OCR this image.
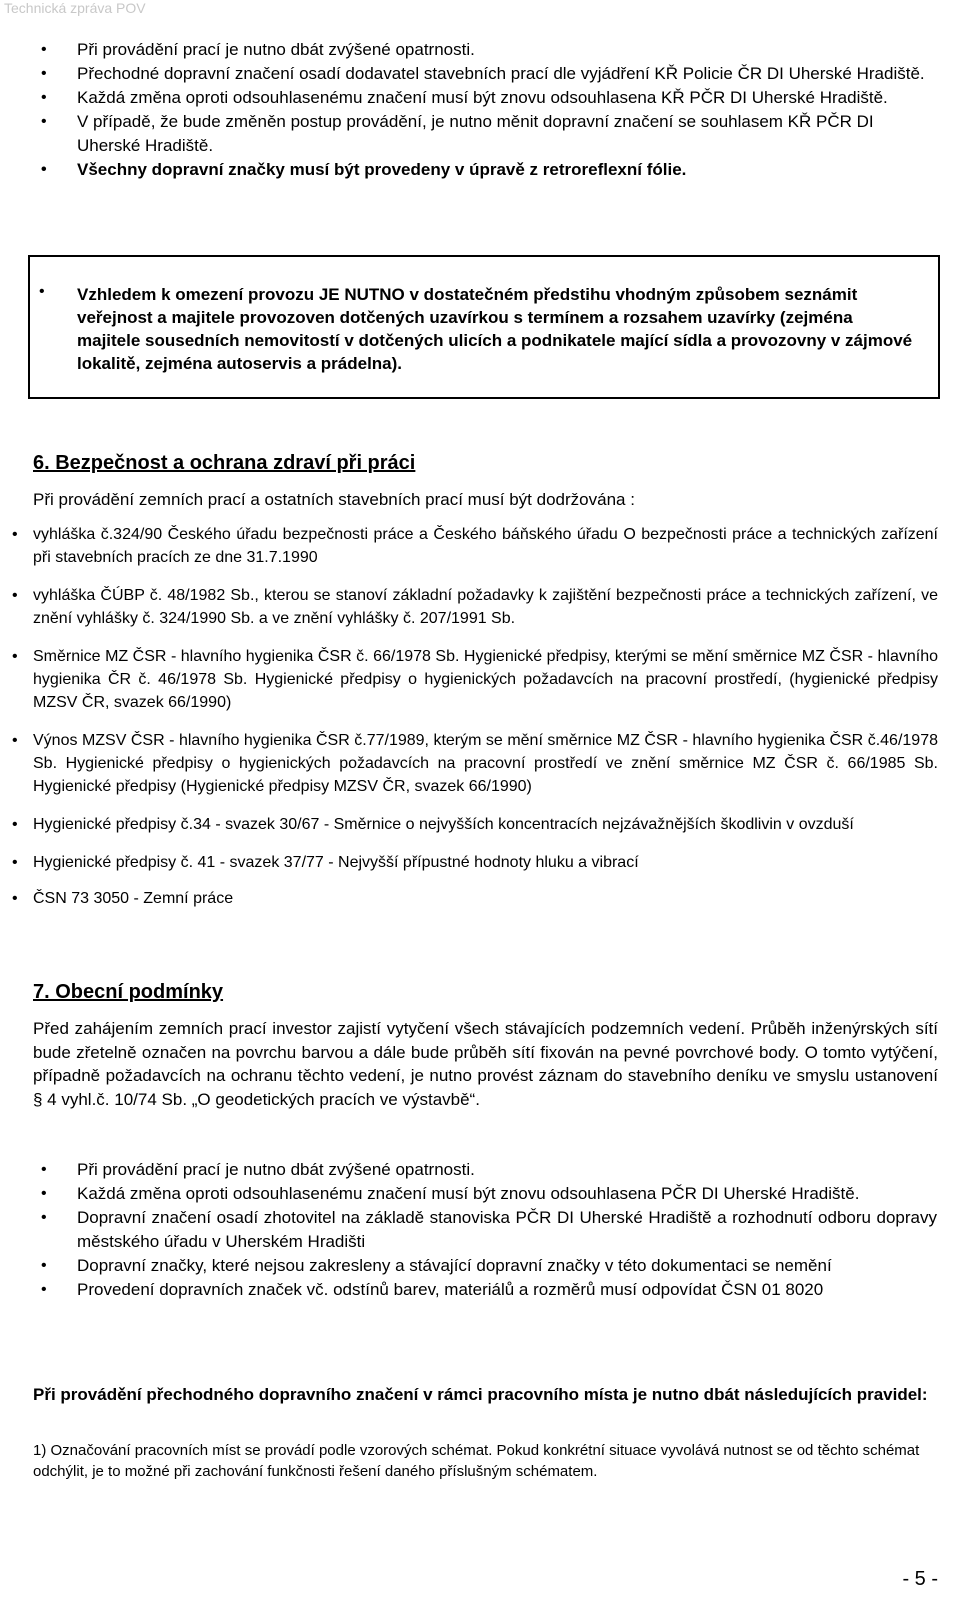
Technická zpráva POV
• Při provádění prací je nutno dbát zvýšené opatrnosti.
• Přechodné dopravní značení osadí dodavatel stavebních prací dle vyjádření KŘ Policie ČR DI Uherské Hradiště.
• Každá změna oproti odsouhlasenému značení musí být znovu odsouhlasena KŘ PČR DI Uherské Hradiště.
• V případě, že bude změněn postup provádění, je nutno měnit dopravní značení se souhlasem KŘ PČR DI Uherské Hradiště.
• Všechny dopravní značky musí být provedeny v úpravě z retroreflexní fólie.
• Vzhledem k omezení provozu JE NUTNO v dostatečném předstihu vhodným způsobem seznámit veřejnost a majitele provozoven dotčených uzavírkou s termínem a rozsahem uzavírky (zejména majitele sousedních nemovitostí v dotčených ulicích a podnikatele mající sídla a provozovny v zájmové lokalitě, zejména autoservis a prádelna).
6. Bezpečnost a ochrana zdraví při práci
Při provádění zemních prací a ostatních stavebních prací musí být dodržována :
• vyhláška č.324/90 Českého úřadu bezpečnosti práce a Českého báňského úřadu O bezpečnosti práce a technických zařízení při stavebních pracích ze dne 31.7.1990
• vyhláška ČÚBP č. 48/1982 Sb., kterou se stanoví základní požadavky k zajištění bezpečnosti práce a technických zařízení, ve znění vyhlášky č. 324/1990 Sb. a ve znění vyhlášky č. 207/1991 Sb.
• Směrnice MZ ČSR - hlavního hygienika ČSR č. 66/1978 Sb. Hygienické předpisy, kterými se mění směrnice MZ ČSR - hlavního hygienika ČR č. 46/1978 Sb. Hygienické předpisy o hygienických požadavcích na pracovní prostředí, (hygienické předpisy MZSV ČR, svazek 66/1990)
• Výnos MZSV ČSR - hlavního hygienika ČSR č.77/1989, kterým se mění směrnice MZ ČSR - hlavního hygienika ČSR č.46/1978 Sb. Hygienické předpisy o hygienických požadavcích na pracovní prostředí ve znění směrnice MZ ČSR č. 66/1985 Sb. Hygienické předpisy (Hygienické předpisy MZSV ČR, svazek 66/1990)
• Hygienické předpisy č.34 - svazek 30/67 - Směrnice o nejvyšších koncentracích nejzávažnějších škodlivin v ovzduší
• Hygienické předpisy č. 41 - svazek 37/77 - Nejvyšší přípustné hodnoty hluku a vibrací
• ČSN 73 3050 - Zemní práce
7. Obecní podmínky
Před zahájením zemních prací investor zajistí vytyčení všech stávajících podzemních vedení. Průběh inženýrských sítí bude zřetelně označen na povrchu barvou a dále bude průběh sítí fixován na pevné povrchové body. O tomto vytýčení, případně požadavcích na ochranu těchto vedení, je nutno provést záznam do stavebního deníku ve smyslu ustanovení § 4 vyhl.č. 10/74 Sb. „O geodetických pracích ve výstavbě“.
• Při provádění prací je nutno dbát zvýšené opatrnosti.
• Každá změna oproti odsouhlasenému značení musí být znovu odsouhlasena PČR DI Uherské Hradiště.
• Dopravní značení osadí zhotovitel na základě stanoviska PČR DI Uherské Hradiště a rozhodnutí odboru dopravy městského úřadu v Uherském Hradišti
• Dopravní značky, které nejsou zakresleny a stávající dopravní značky v této dokumentaci se nemění
• Provedení dopravních značek vč. odstínů barev, materiálů a rozměrů musí odpovídat ČSN 01 8020
Při provádění přechodného dopravního značení v rámci pracovního místa je nutno dbát následujících pravidel:
1) Označování pracovních míst se provádí podle vzorových schémat. Pokud konkrétní situace vyvolává nutnost se od těchto schémat odchýlit, je to možné při zachování funkčnosti řešení daného příslušným schématem.
- 5 -
